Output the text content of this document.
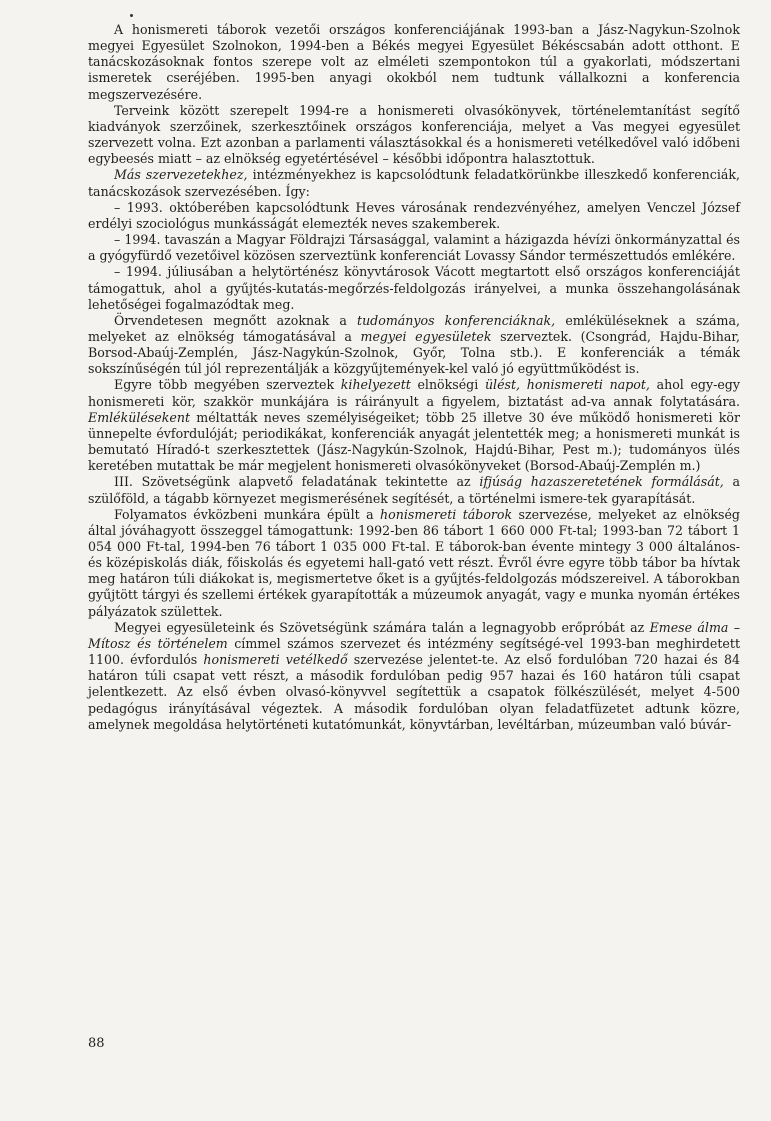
A honismereti táborok vezetői országos konferenciájának 1993-ban a Jász-Nagykun-Szolnok megyei Egyesület Szolnokon, 1994-ben a Békés megyei Egyesület Békéscsabán adott otthont. E tanácskozásoknak fontos szerepe volt az elméleti szempontokon túl a gyakorlati, módszertani ismeretek cseréjében. 1995-ben anyagi okokból nem tudtunk vállalkozni a konferencia megszervezésére.

Terveink között szerepelt 1994-re a honismereti olvasókönyvek, történelemtanítást segítő kiadványok szerzőinek, szerkesztőinek országos konferenciája, melyet a Vas megyei egyesület szervezett volna. Ezt azonban a parlamenti választásokkal és a honismereti vetélkedővel való időbeni egybeesés miatt – az elnökség egyetértésével – későbbi időpontra halasztottuk.

Más szervezetekhez, intézményekhez is kapcsolódtunk feladatkörünkbe illeszkedő konferenciák, tanácskozások szervezésében. Így:

– 1993. októberében kapcsolódtunk Heves városának rendezvényéhez, amelyen Venczel József erdélyi szociológus munkásságát elemezték neves szakemberek.

– 1994. tavaszán a Magyar Földrajzi Társasággal, valamint a házigazda hévízi önkormányzattal és a gyógyfürdő vezetőivel közösen szerveztünk konferenciát Lovassy Sándor természettudós emlékére.

– 1994. júliusában a helytörténész könyvtárosok Vácott megtartott első országos konferenciáját támogattuk, ahol a gyűjtés-kutatás-megőrzés-feldolgozás irányelvei, a munka összehangolásának lehetőségei fogalmazódtak meg.

Örvendetesen megnőtt azoknak a tudományos konferenciáknak, emléküléseknek a száma, melyeket az elnökség támogatásával a megyei egyesületek szerveztek. (Csongrád, Hajdu-Bihar, Borsod-Abaúj-Zemplén, Jász-Nagykún-Szolnok, Győr, Tolna stb.). E konferenciák a témák sokszínűségén túl jól reprezentálják a közgyűjtemények-kel való jó együttműködést is.

Egyre több megyében szerveztek kihelyezett elnökségi ülést, honismereti napot, ahol egy-egy honismereti kör, szakkör munkájára is ráirányult a figyelem, biztatást ad-va annak folytatására. Emlékülésekent méltatták neves személyiségeiket; több 25 illetve 30 éve működő honismereti kör ünnepelte évfordulóját; periodikákat, konferenciák anyagát jelentették meg; a honismereti munkát is bemutató Híradó-t szerkesztettek (Jász-Nagykún-Szolnok, Hajdú-Bihar, Pest m.); tudományos ülés keretében mutattak be már megjelent honismereti olvasókönyveket (Borsod-Abaúj-Zemplén m.)

III. Szövetségünk alapvető feladatának tekintette az ifjúság hazaszeretetének formálását, a szülőföld, a tágabb környezet megismerésének segítését, a történelmi ismere-tek gyarapítását.

Folyamatos évközbeni munkára épült a honismereti táborok szervezése, melyeket az elnökség által jóváhagyott összeggel támogattunk: 1992-ben 86 tábort 1 660 000 Ft-tal; 1993-ban 72 tábort 1 054 000 Ft-tal, 1994-ben 76 tábort 1 035 000 Ft-tal. E táborok-ban évente mintegy 3 000 általános- és középiskolás diák, főiskolás és egyetemi hall-gató vett részt. Évről évre egyre több tábor ba hívtak meg határon túli diákokat is, megismertetve őket is a gyűjtés-feldolgozás módszereivel. A táborokban gyűjtött tárgyi és szellemi értékek gyarapították a múzeumok anyagát, vagy e munka nyomán értékes pályázatok születtek.

Megyei egyesületeink és Szövetségünk számára talán a legnagyobb erőpróbát az Emese álma – Mítosz és történelem címmel számos szervezet és intézmény segítségé-vel 1993-ban meghirdetett 1100. évfordulós honismereti vetélkedő szervezése jelentet-te. Az első fordulóban 720 hazai és 84 határon túli csapat vett részt, a második fordulóban pedig 957 hazai és 160 határon túli csapat jelentkezett. Az első évben olvasó-könyvvel segítettük a csapatok fölkészülését, melyet 4-500 pedagógus irányításával végeztek. A második fordulóban olyan feladatfüzetet adtunk közre, amelynek megoldása helytörténeti kutatómunkát, könyvtárban, levéltárban, múzeumban való búvár-

88
